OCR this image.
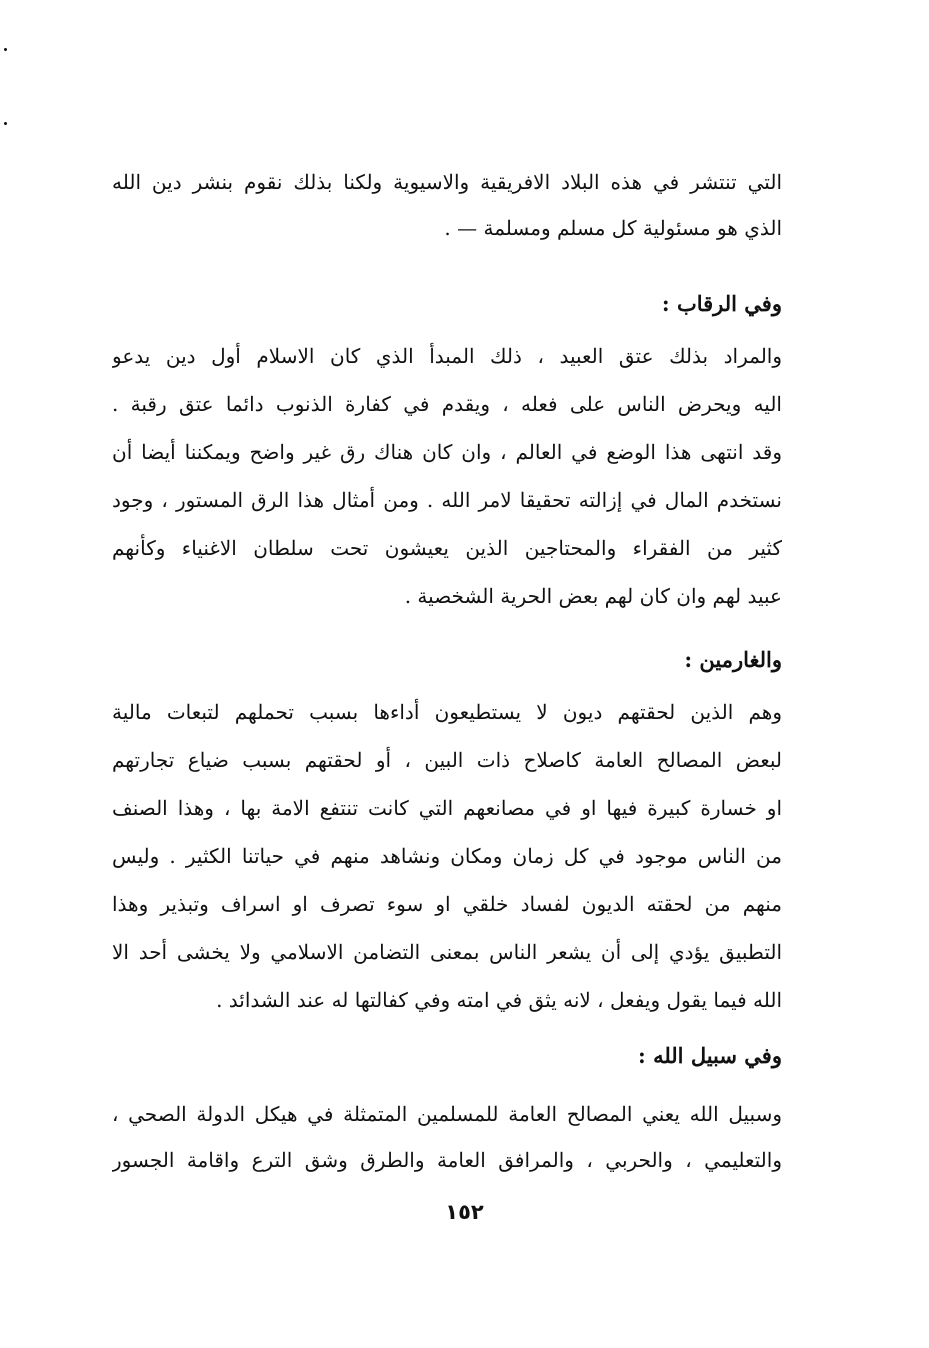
التي تنتشر في هذه البلاد الافريقية والاسيوية ولكنا بذلك نقوم بنشر دين الله
الذي هو مسئولية كل مسلم ومسلمة — .
وفي الرقاب :
والمراد بذلك عتق العبيد ، ذلك المبدأ الذي كان الاسلام أول دين يدعو
اليه ويحرض الناس على فعله ، ويقدم في كفارة الذنوب دائما عتق رقبة .
وقد انتهى هذا الوضع في العالم ، وان كان هناك رق غير واضح ويمكننا أيضا أن
نستخدم المال في إزالته تحقيقا لامر الله . ومن أمثال هذا الرق المستور ، وجود
كثير من الفقراء والمحتاجين الذين يعيشون تحت سلطان الاغنياء وكأنهم
عبيد لهم وان كان لهم بعض الحرية الشخصية .
والغارمين :
وهم الذين لحقتهم ديون لا يستطيعون أداءها بسبب تحملهم لتبعات مالية
لبعض المصالح العامة كاصلاح ذات البين ، أو لحقتهم بسبب ضياع تجارتهم
او خسارة كبيرة فيها او في مصانعهم التي كانت تنتفع الامة بها ، وهذا الصنف
من الناس موجود في كل زمان ومكان ونشاهد منهم في حياتنا الكثير . وليس
منهم من لحقته الديون لفساد خلقي او سوء تصرف او اسراف وتبذير وهذا
التطبيق يؤدي إلى أن يشعر الناس بمعنى التضامن الاسلامي ولا يخشى أحد الا
الله فيما يقول ويفعل ، لانه يثق في امته وفي كفالتها له عند الشدائد .
وفي سبيل الله :
وسبيل الله يعني المصالح العامة للمسلمين المتمثلة في هيكل الدولة الصحي ،
والتعليمي ، والحربي ، والمرافق العامة والطرق وشق الترع واقامة الجسور
١٥٢
